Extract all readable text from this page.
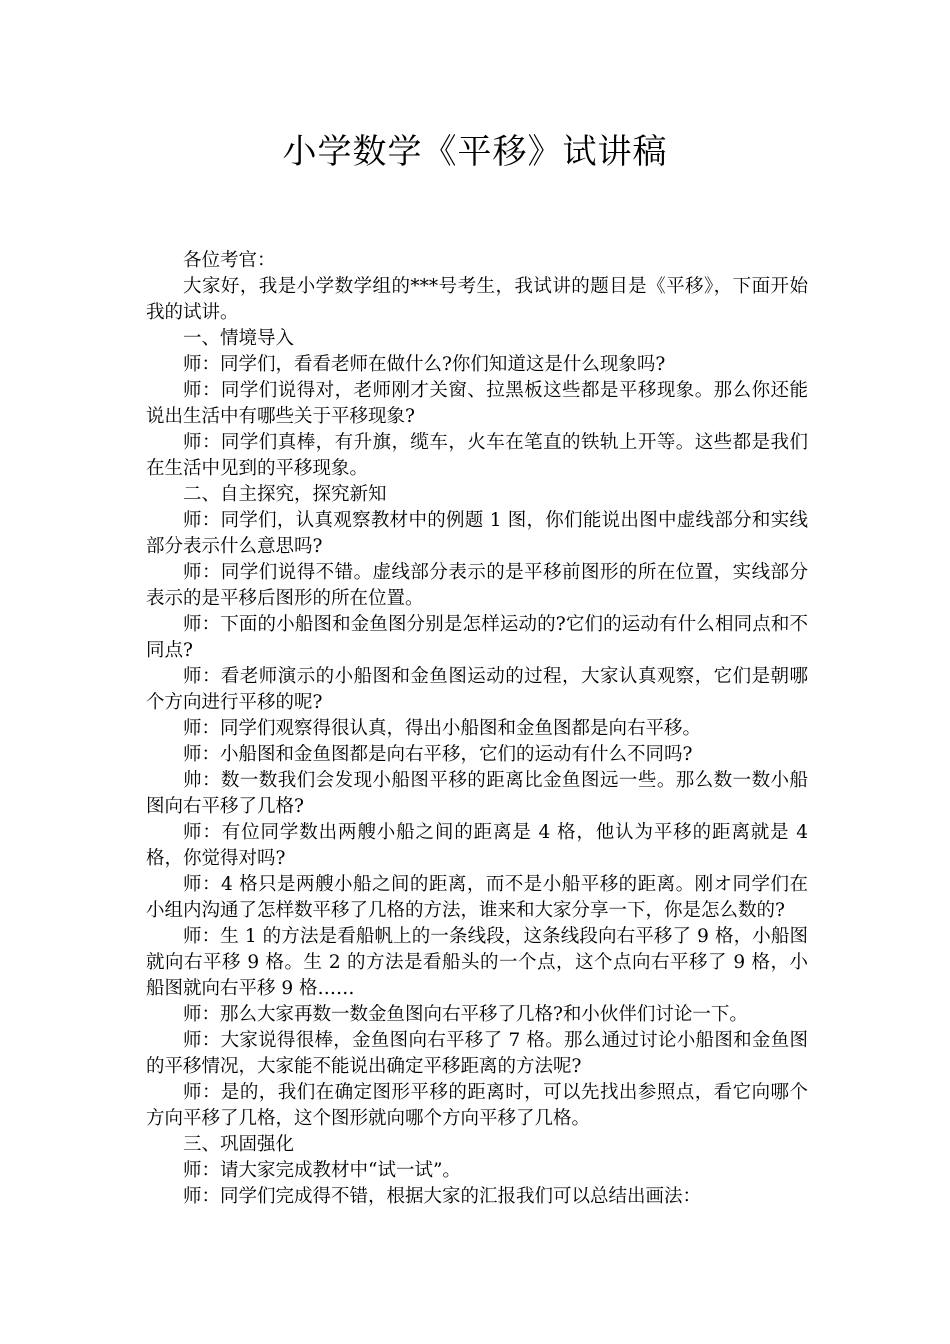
小学数学《平移》试讲稿

各位考官：

大家好，我是小学数学组的***号考生，我试讲的题目是《平移》，下面开始我的试讲。

一、情境导入

师：同学们，看看老师在做什么?你们知道这是什么现象吗?

师：同学们说得对，老师刚才关窗、拉黑板这些都是平移现象。那么你还能说出生活中有哪些关于平移现象?

师：同学们真棒，有升旗，缆车，火车在笔直的铁轨上开等。这些都是我们在生活中见到的平移现象。

二、自主探究，探究新知

师：同学们，认真观察教材中的例题 1 图，你们能说出图中虚线部分和实线部分表示什么意思吗?

师：同学们说得不错。虚线部分表示的是平移前图形的所在位置，实线部分表示的是平移后图形的所在位置。

师：下面的小船图和金鱼图分别是怎样运动的?它们的运动有什么相同点和不同点?

师：看老师演示的小船图和金鱼图运动的过程，大家认真观察，它们是朝哪个方向进行平移的呢?

师：同学们观察得很认真，得出小船图和金鱼图都是向右平移。

师：小船图和金鱼图都是向右平移，它们的运动有什么不同吗?

帅：数一数我们会发现小船图平移的距离比金鱼图远一些。那么数一数小船图向右平移了几格?

师：有位同学数出两艘小船之间的距离是 4 格，他认为平移的距离就是 4 格，你觉得对吗?

师：4 格只是两艘小船之间的距离，而不是小船平移的距离。刚オ同学们在小组内沟通了怎样数平移了几格的方法，谁来和大家分享一下，你是怎么数的?

师：生 1 的方法是看船帆上的一条线段，这条线段向右平移了 9 格，小船图就向右平移 9 格。生 2 的方法是看船头的一个点，这个点向右平移了 9 格，小船图就向右平移 9 格……

师：那么大家再数一数金鱼图向右平移了几格?和小伙伴们讨论一下。

师：大家说得很棒，金鱼图向右平移了 7 格。那么通过讨论小船图和金鱼图的平移情况，大家能不能说出确定平移距离的方法呢?

师：是的，我们在确定图形平移的距离时，可以先找出参照点，看它向哪个方向平移了几格，这个图形就向哪个方向平移了几格。

三、巩固强化

师：请大家完成教材中“试一试”。

师：同学们完成得不错，根据大家的汇报我们可以总结出画法：
